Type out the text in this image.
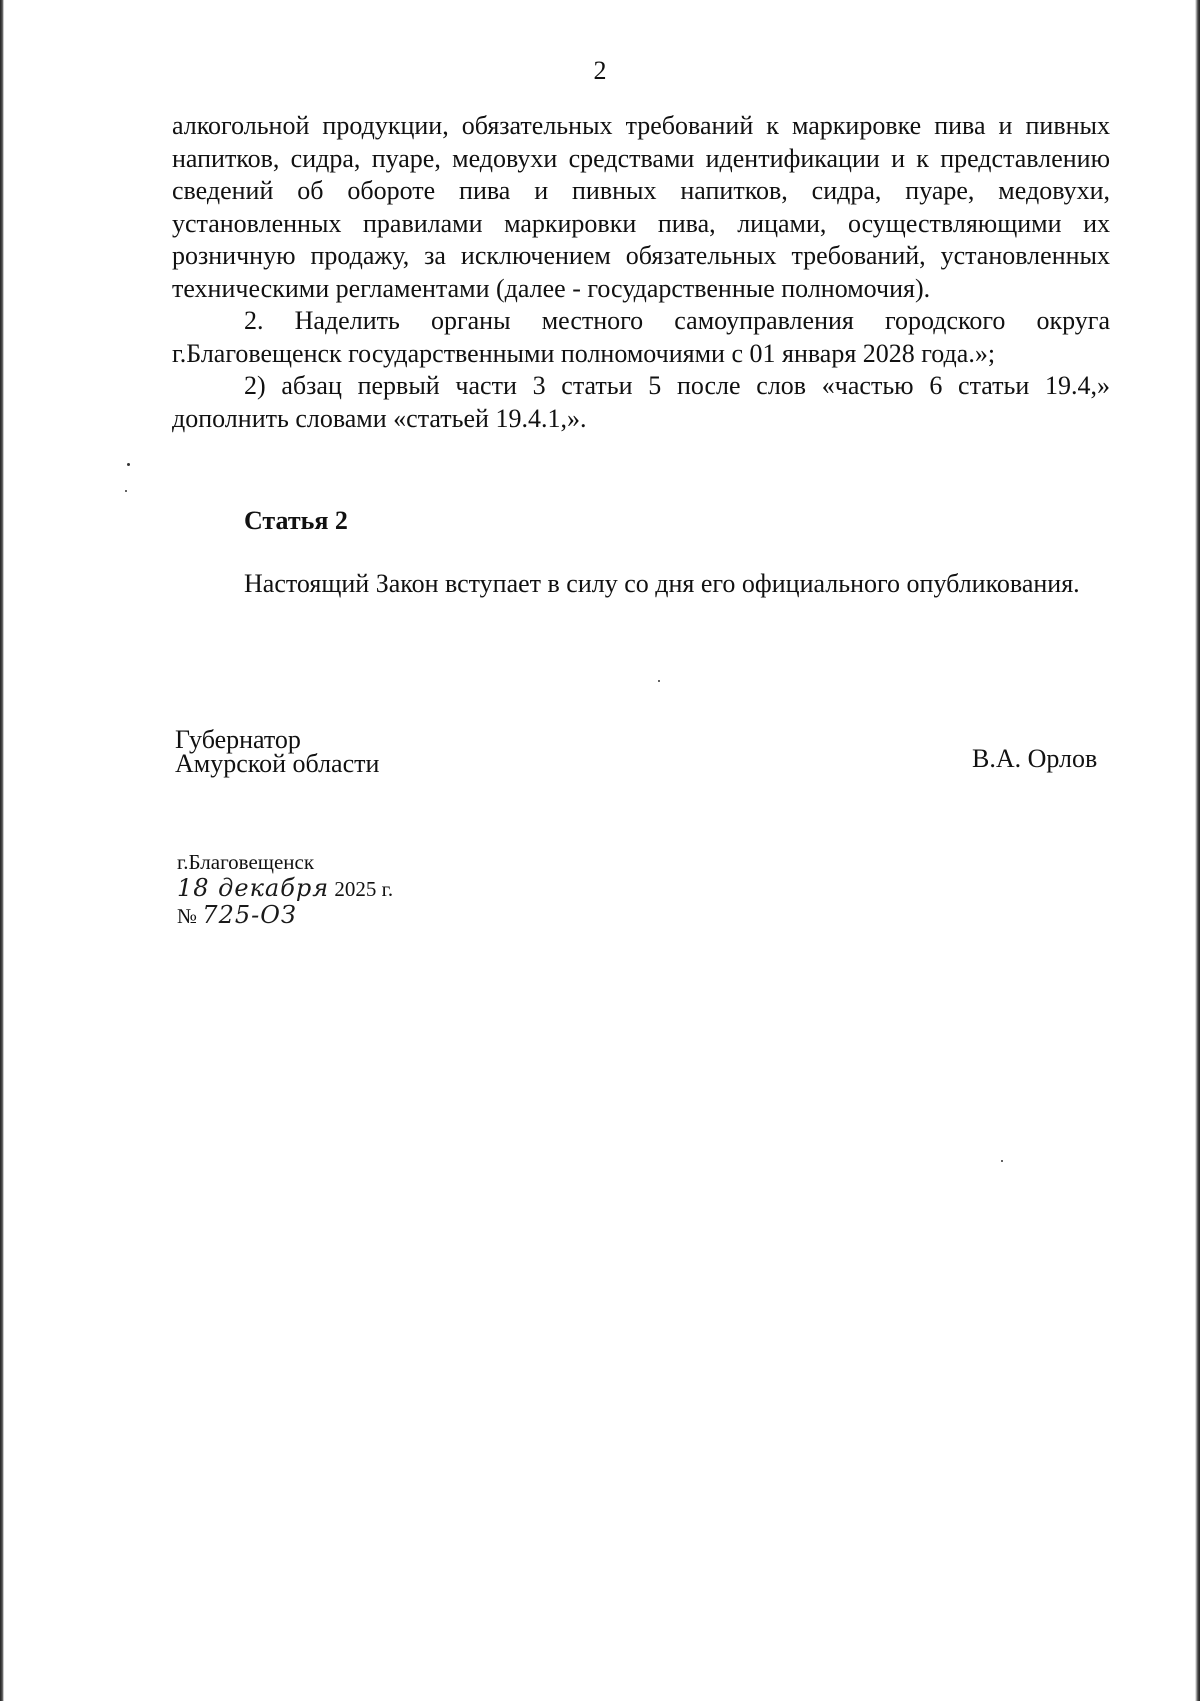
2

алкогольной продукции, обязательных требований к маркировке пива и пивных напитков, сидра, пуаре, медовухи средствами идентификации и к представлению сведений об обороте пива и пивных напитков, сидра, пуаре, медовухи, установленных правилами маркировки пива, лицами, осуществляющими их розничную продажу, за исключением обязательных требований, установленных техническими регламентами (далее - государственные полномочия).

2. Наделить органы местного самоуправления городского округа г.Благовещенск государственными полномочиями с 01 января 2028 года.»;

2) абзац первый части 3 статьи 5 после слов «частью 6 статьи 19.4,» дополнить словами «статьей 19.4.1,».

Статья 2

Настоящий Закон вступает в силу со дня его официального опубликования.

Губернатор
Амурской области	В.А. Орлов
г.Благовещенск
18 декабря 2025 г.
№ 725-ОЗ
